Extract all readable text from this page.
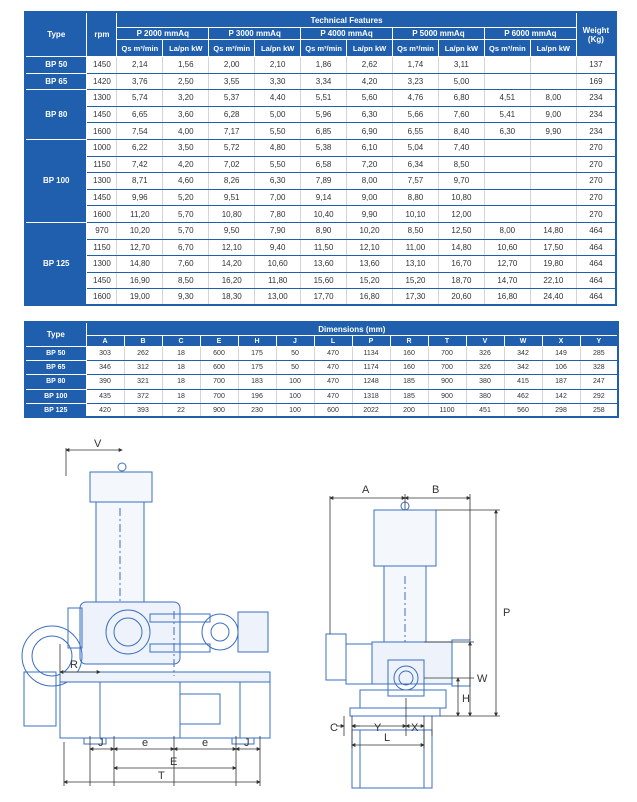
Type	rpm	Technical Features										Weight
(Kg)
		P 2000 mmAq		P 3000 mmAq		P 4000 mmAq		P 5000 mmAq		P 6000 mmAq		
		Qs m³/min	La/pn kW	Qs m³/min	La/pn kW	Qs m³/min	La/pn kW	Qs m³/min	La/pn kW	Qs m³/min	La/pn kW	
BP 50	1450	2,14	1,56	2,00	2,10	1,86	2,62	1,74	3,11			137
BP 65	1420	3,76	2,50	3,55	3,30	3,34	4,20	3,23	5,00			169
BP 80	1300	5,74	3,20	5,37	4,40	5,51	5,60	4,76	6,80	4,51	8,00	234
	1450	6,65	3,60	6,28	5,00	5,96	6,30	5,66	7,60	5,41	9,00	234
	1600	7,54	4,00	7,17	5,50	6,85	6,90	6,55	8,40	6,30	9,90	234
BP 100	1000	6,22	3,50	5,72	4,80	5,38	6,10	5,04	7,40			270
	1150	7,42	4,20	7,02	5,50	6,58	7,20	6,34	8,50			270
	1300	8,71	4,60	8,26	6,30	7,89	8,00	7,57	9,70			270
	1450	9,96	5,20	9,51	7,00	9,14	9,00	8,80	10,80			270
	1600	11,20	5,70	10,80	7,80	10,40	9,90	10,10	12,00			270
BP 125	970	10,20	5,70	9,50	7,90	8,90	10,20	8,50	12,50	8,00	14,80	464
	1150	12,70	6,70	12,10	9,40	11,50	12,10	11,00	14,80	10,60	17,50	464
	1300	14,80	7,60	14,20	10,60	13,60	13,60	13,10	16,70	12,70	19,80	464
	1450	16,90	8,50	16,20	11,80	15,60	15,20	15,20	18,70	14,70	22,10	464
	1600	19,00	9,30	18,30	13,00	17,70	16,80	17,30	20,60	16,80	24,40	464
Type	Dimensions (mm)													
	A	B	C	E	H	J	L	P	R	T	V	W	X	Y
BP 50	303	262	18	600	175	50	470	1134	160	700	326	342	149	285
BP 65	346	312	18	600	175	50	470	1174	160	700	326	342	106	328
BP 80	390	321	18	700	183	100	470	1248	185	900	380	415	187	247
BP 100	435	372	18	700	196	100	470	1318	185	900	380	462	142	292
BP 125	420	393	22	900	230	100	600	2022	200	1100	451	560	298	258
V
R
J	e	e	J
E
T
A	B
P
W
H
C	Y	X
L
